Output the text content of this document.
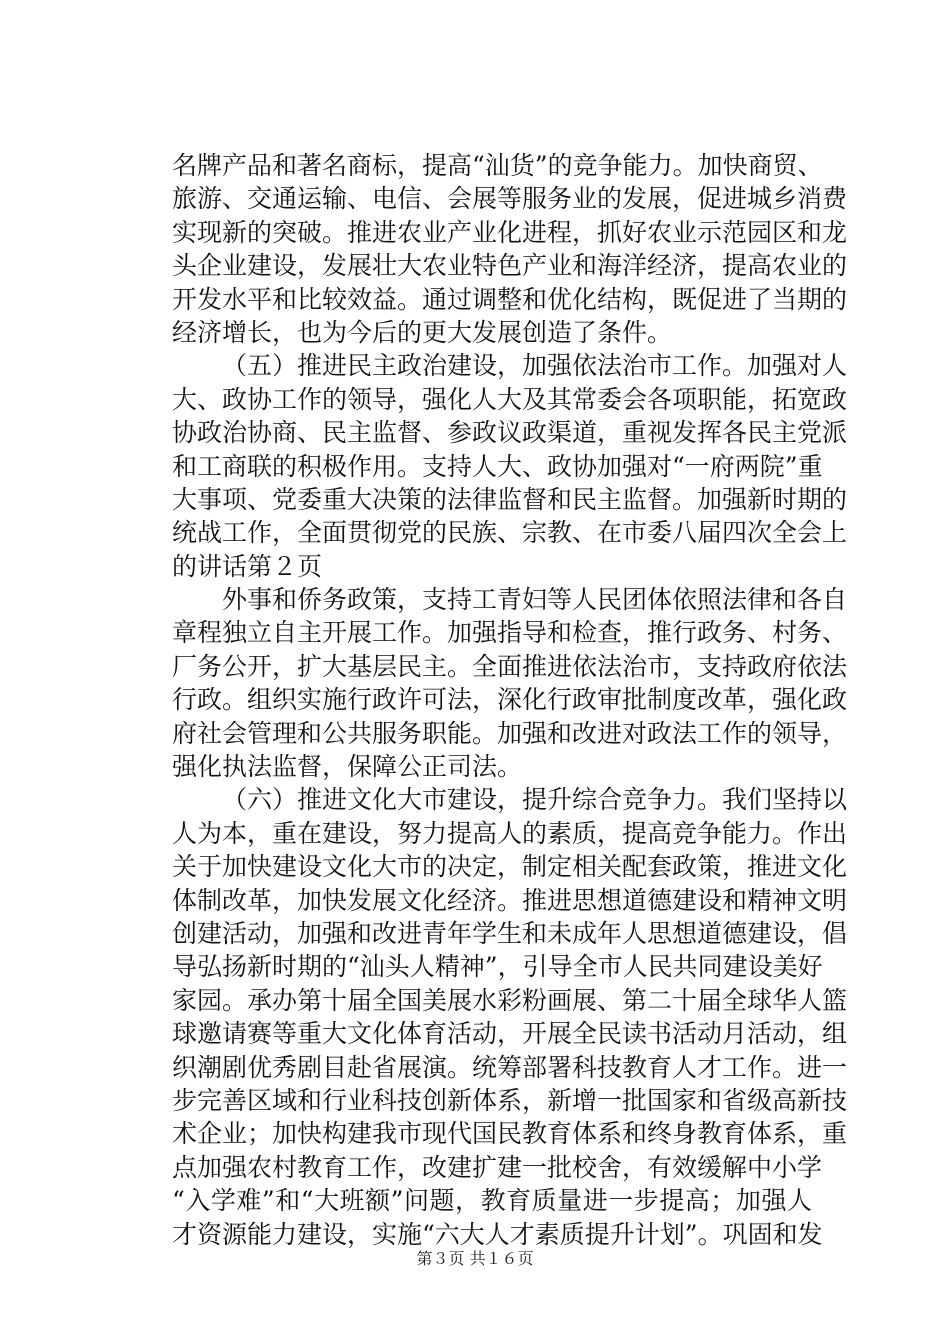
名牌产品和著名商标，提高“汕货”的竞争能力。加快商贸、
旅游、交通运输、电信、会展等服务业的发展，促进城乡消费
实现新的突破。推进农业产业化进程，抓好农业示范园区和龙
头企业建设，发展壮大农业特色产业和海洋经济，提高农业的
开发水平和比较效益。通过调整和优化结构，既促进了当期的
经济增长，也为今后的更大发展创造了条件。
（五）推进民主政治建设，加强依法治市工作。加强对人
大、政协工作的领导，强化人大及其常委会各项职能，拓宽政
协政治协商、民主监督、参政议政渠道，重视发挥各民主党派
和工商联的积极作用。支持人大、政协加强对“一府两院”重
大事项、党委重大决策的法律监督和民主监督。加强新时期的
统战工作，全面贯彻党的民族、宗教、在市委八届四次全会上
的讲话第２页
外事和侨务政策，支持工青妇等人民团体依照法律和各自
章程独立自主开展工作。加强指导和检查，推行政务、村务、
厂务公开，扩大基层民主。全面推进依法治市，支持政府依法
行政。组织实施行政许可法，深化行政审批制度改革，强化政
府社会管理和公共服务职能。加强和改进对政法工作的领导，
强化执法监督，保障公正司法。
（六）推进文化大市建设，提升综合竞争力。我们坚持以
人为本，重在建设，努力提高人的素质，提高竞争能力。作出
关于加快建设文化大市的决定，制定相关配套政策，推进文化
体制改革，加快发展文化经济。推进思想道德建设和精神文明
创建活动，加强和改进青年学生和未成年人思想道德建设，倡
导弘扬新时期的“汕头人精神”，引导全市人民共同建设美好
家园。承办第十届全国美展水彩粉画展、第二十届全球华人篮
球邀请赛等重大文化体育活动，开展全民读书活动月活动，组
织潮剧优秀剧目赴省展演。统筹部署科技教育人才工作。进一
步完善区域和行业科技创新体系，新增一批国家和省级高新技
术企业；加快构建我市现代国民教育体系和终身教育体系，重
点加强农村教育工作，改建扩建一批校舍，有效缓解中小学
“入学难”和“大班额”问题，教育质量进一步提高；加强人
才资源能力建设，实施“六大人才素质提升计划”。巩固和发
第３页 共１６页
